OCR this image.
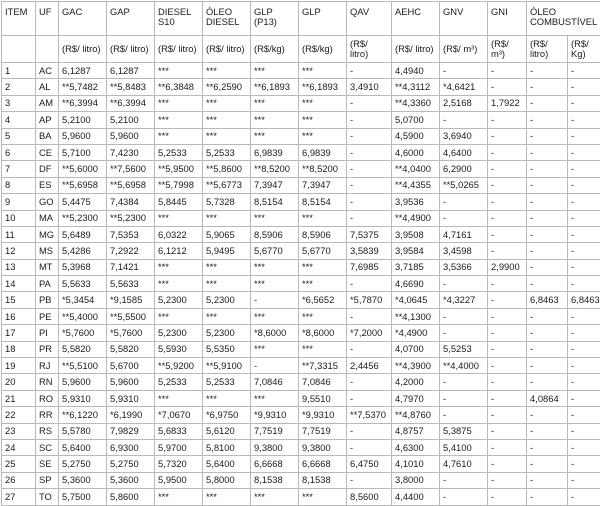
ITEM	UF	GAC	GAP	DIESEL S10	ÓLEO DIESEL	GLP (P13)	GLP	QAV	AEHC	GNV	GNI	ÓLEO COMBUSTÍVEL	
		(R$/ litro)	(R$/ litro)	(R$/ litro)	(R$/ litro)	(R$/kg)	(R$/kg)	(R$/ litro)	(R$/ litro)	(R$/ m³)	(R$/ m³)	(R$/ litro)	(R$/ Kg)
1	AC	6,1287	6,1287	***	***	***	***	-	4,4940	-	-	-	-
2	AL	**5,7482	**5,8483	**6,3848	**6,2590	**6,1893	**6,1893	3,4910	**4,3112	*4,6421	-	-	-
3	AM	**6,3994	**6,3994	***	***	***	***	-	**4,3360	2,5168	1,7922	-	-
4	AP	5,2100	5,2100	***	***	***	***	-	5,0700	-	-	-	-
5	BA	5,9600	5,9600	***	***	***	***	-	4,5900	3,6940	-	-	-
6	CE	5,7100	7,4230	5,2533	5,2533	6,9839	6,9839	-	4,6000	4,6400	-	-	-
7	DF	**5,6000	**7,5600	**5,9500	**5,8600	**8,5200	**8,5200	-	**4,0400	6,2900	-	-	-
8	ES	**5,6958	**5,6958	**5,7998	**5,6773	7,3947	7,3947	-	**4,4355	**5,0265	-	-	-
9	GO	5,4475	7,4384	5,8445	5,7328	8,5154	8,5154	-	3,9536	-	-	-	-
10	MA	**5,2300	**5,2300	***	***	***	***	-	**4,4900	-	-	-	-
11	MG	5,6489	7,5353	6,0322	5,9065	8,5906	8,5906	7,5375	3,9508	4,7161	-	-	-
12	MS	5,4286	7,2922	6,1212	5,9495	5,6770	5,6770	3,5839	3,9584	3,4598	-	-	-
13	MT	5,3968	7,1421	***	***	***	***	7,6985	3,7185	3,5366	2,9900	-	-
14	PA	5,5633	5,5633	***	***	***	***	-	4,6690	-	-	-	-
15	PB	*5,3454	*9,1585	5,2300	5,2300	-	*6,5652	*5,7870	*4,0645	*4,3227	-	6,8463	6,8463
16	PE	**5,4000	**5,5500	***	***	***	***	-	**4,1300	-	-	-	-
17	PI	*5,7600	*5,7600	5,2300	5,2300	*8,6000	*8,6000	*7,2000	*4,4900	-	-	-	-
18	PR	5,5820	5,5820	5,5930	5,5350	***	***	-	4,0700	5,5253	-	-	-
19	RJ	**5,5100	5,6700	**5,9200	**5,9100	-	**7,3315	2,4456	**4,3900	**4,4000	-	-	-
20	RN	5,9600	5,9600	5,2533	5,2533	7,0846	7,0846	-	4,2000	-	-	-	-
21	RO	5,9310	5,9310	***	***	***	9,5510	-	4,7970	-	-	4,0864	-
22	RR	**6,1220	*6,1990	*7,0670	*6,9750	*9,9310	*9,9310	**7,5370	**4,8760	-	-	-	-
23	RS	5,5780	7,9829	5,6833	5,6120	7,7519	7,7519	-	4,8757	5,3875	-	-	-
24	SC	5,6400	6,9300	5,9700	5,8100	9,3800	9,3800	-	4,6300	5,4100	-	-	-
25	SE	5,2750	5,2750	5,7320	5,6400	6,6668	6,6668	6,4750	4,1010	4,7610	-	-	-
26	SP	5,3600	5,3600	5,9500	5,8000	8,1538	8,1538	-	3,8000	-	-	-	-
27	TO	5,7500	5,8600	***	***	***	***	8,5600	4,4400	-	-	-	-
